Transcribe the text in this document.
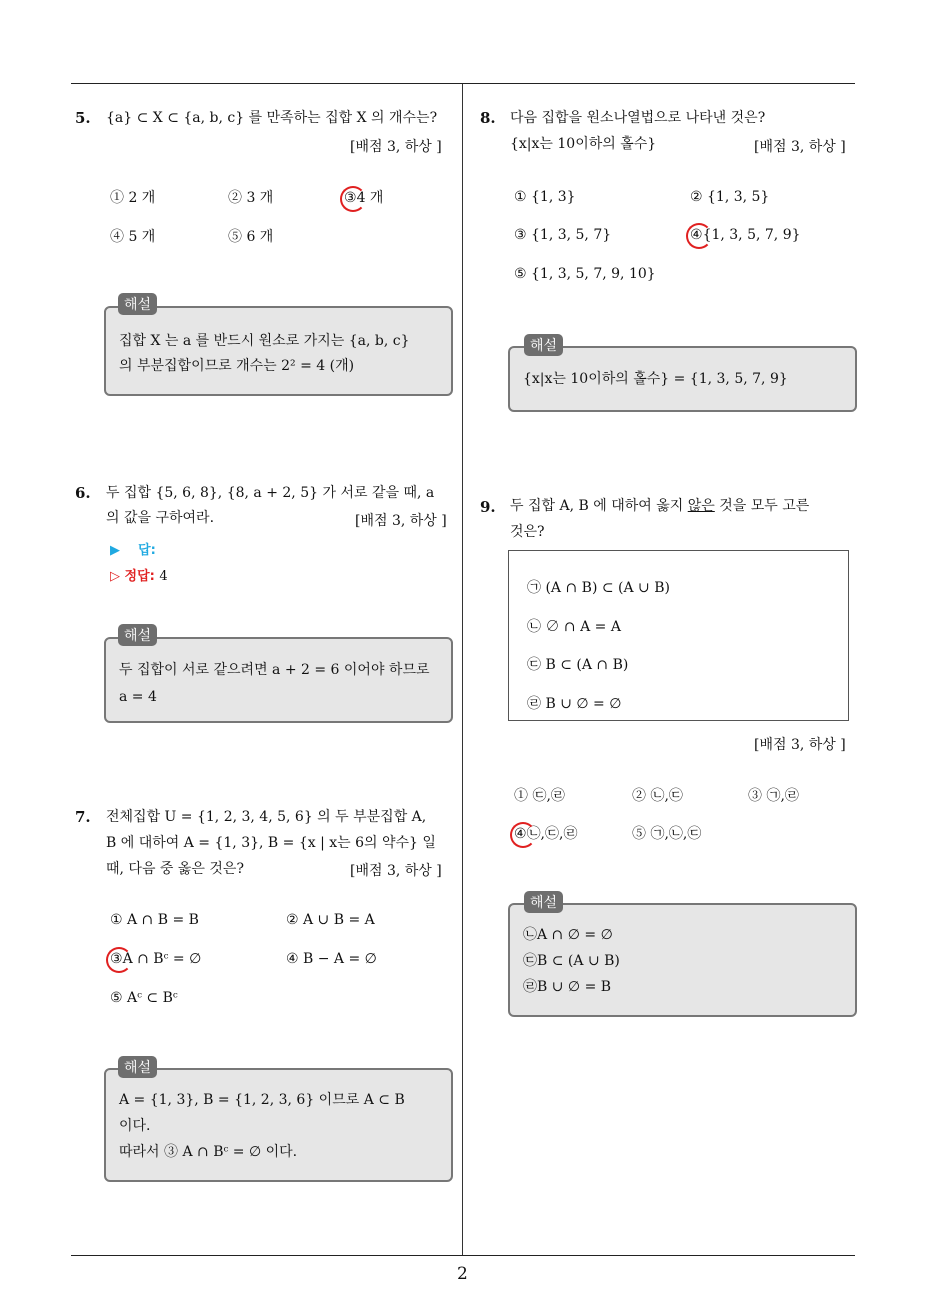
5. {a} ⊂ X ⊂ {a, b, c} 를 만족하는 집합 X 의 개수는?
[배점 3, 하상 ]
① 2 개	② 3 개	③4 개
④ 5 개	⑤ 6 개
집합 X 는 a 를 반드시 원소로 가지는 {a, b, c}
의 부분집합이므로 개수는 2² = 4 (개)
해설
6. 두 집합 {5, 6, 8}, {8, a + 2, 5} 가 서로 같을 때, a
의 값을 구하여라.	[배점 3, 하상 ]
▶ 답:
▷ 정답: 4
두 집합이 서로 같으려면 a + 2 = 6 이어야 하므로
a = 4
해설
7. 전체집합 U = {1, 2, 3, 4, 5, 6} 의 두 부분집합 A,
B 에 대하여 A = {1, 3}, B = {x | x는 6의 약수} 일
때, 다음 중 옳은 것은?	[배점 3, 하상 ]
① A ∩ B = B	② A ∪ B = A
③A ∩ Bᶜ = ∅	④ B − A = ∅
⑤ Aᶜ ⊂ Bᶜ
A = {1, 3}, B = {1, 2, 3, 6} 이므로 A ⊂ B
이다.
따라서 ③ A ∩ Bᶜ = ∅ 이다.
해설
8. 다음 집합을 원소나열법으로 나타낸 것은?
{x|x는 10이하의 홀수}	[배점 3, 하상 ]
① {1, 3}	② {1, 3, 5}
③ {1, 3, 5, 7}	④{1, 3, 5, 7, 9}
⑤ {1, 3, 5, 7, 9, 10}
{x|x는 10이하의 홀수} = {1, 3, 5, 7, 9}
해설
9. 두 집합 A, B 에 대하여 옳지 않은 것을 모두 고른
것은?
㉠ (A ∩ B) ⊂ (A ∪ B)
㉡ ∅ ∩ A = A
㉢ B ⊂ (A ∩ B)
㉣ B ∪ ∅ = ∅
[배점 3, 하상 ]
① ㉢,㉣	② ㉡,㉢	③ ㉠,㉣
④㉡,㉢,㉣	⑤ ㉠,㉡,㉢
㉡A ∩ ∅ = ∅
㉢B ⊂ (A ∪ B)
㉣B ∪ ∅ = B
해설
2
